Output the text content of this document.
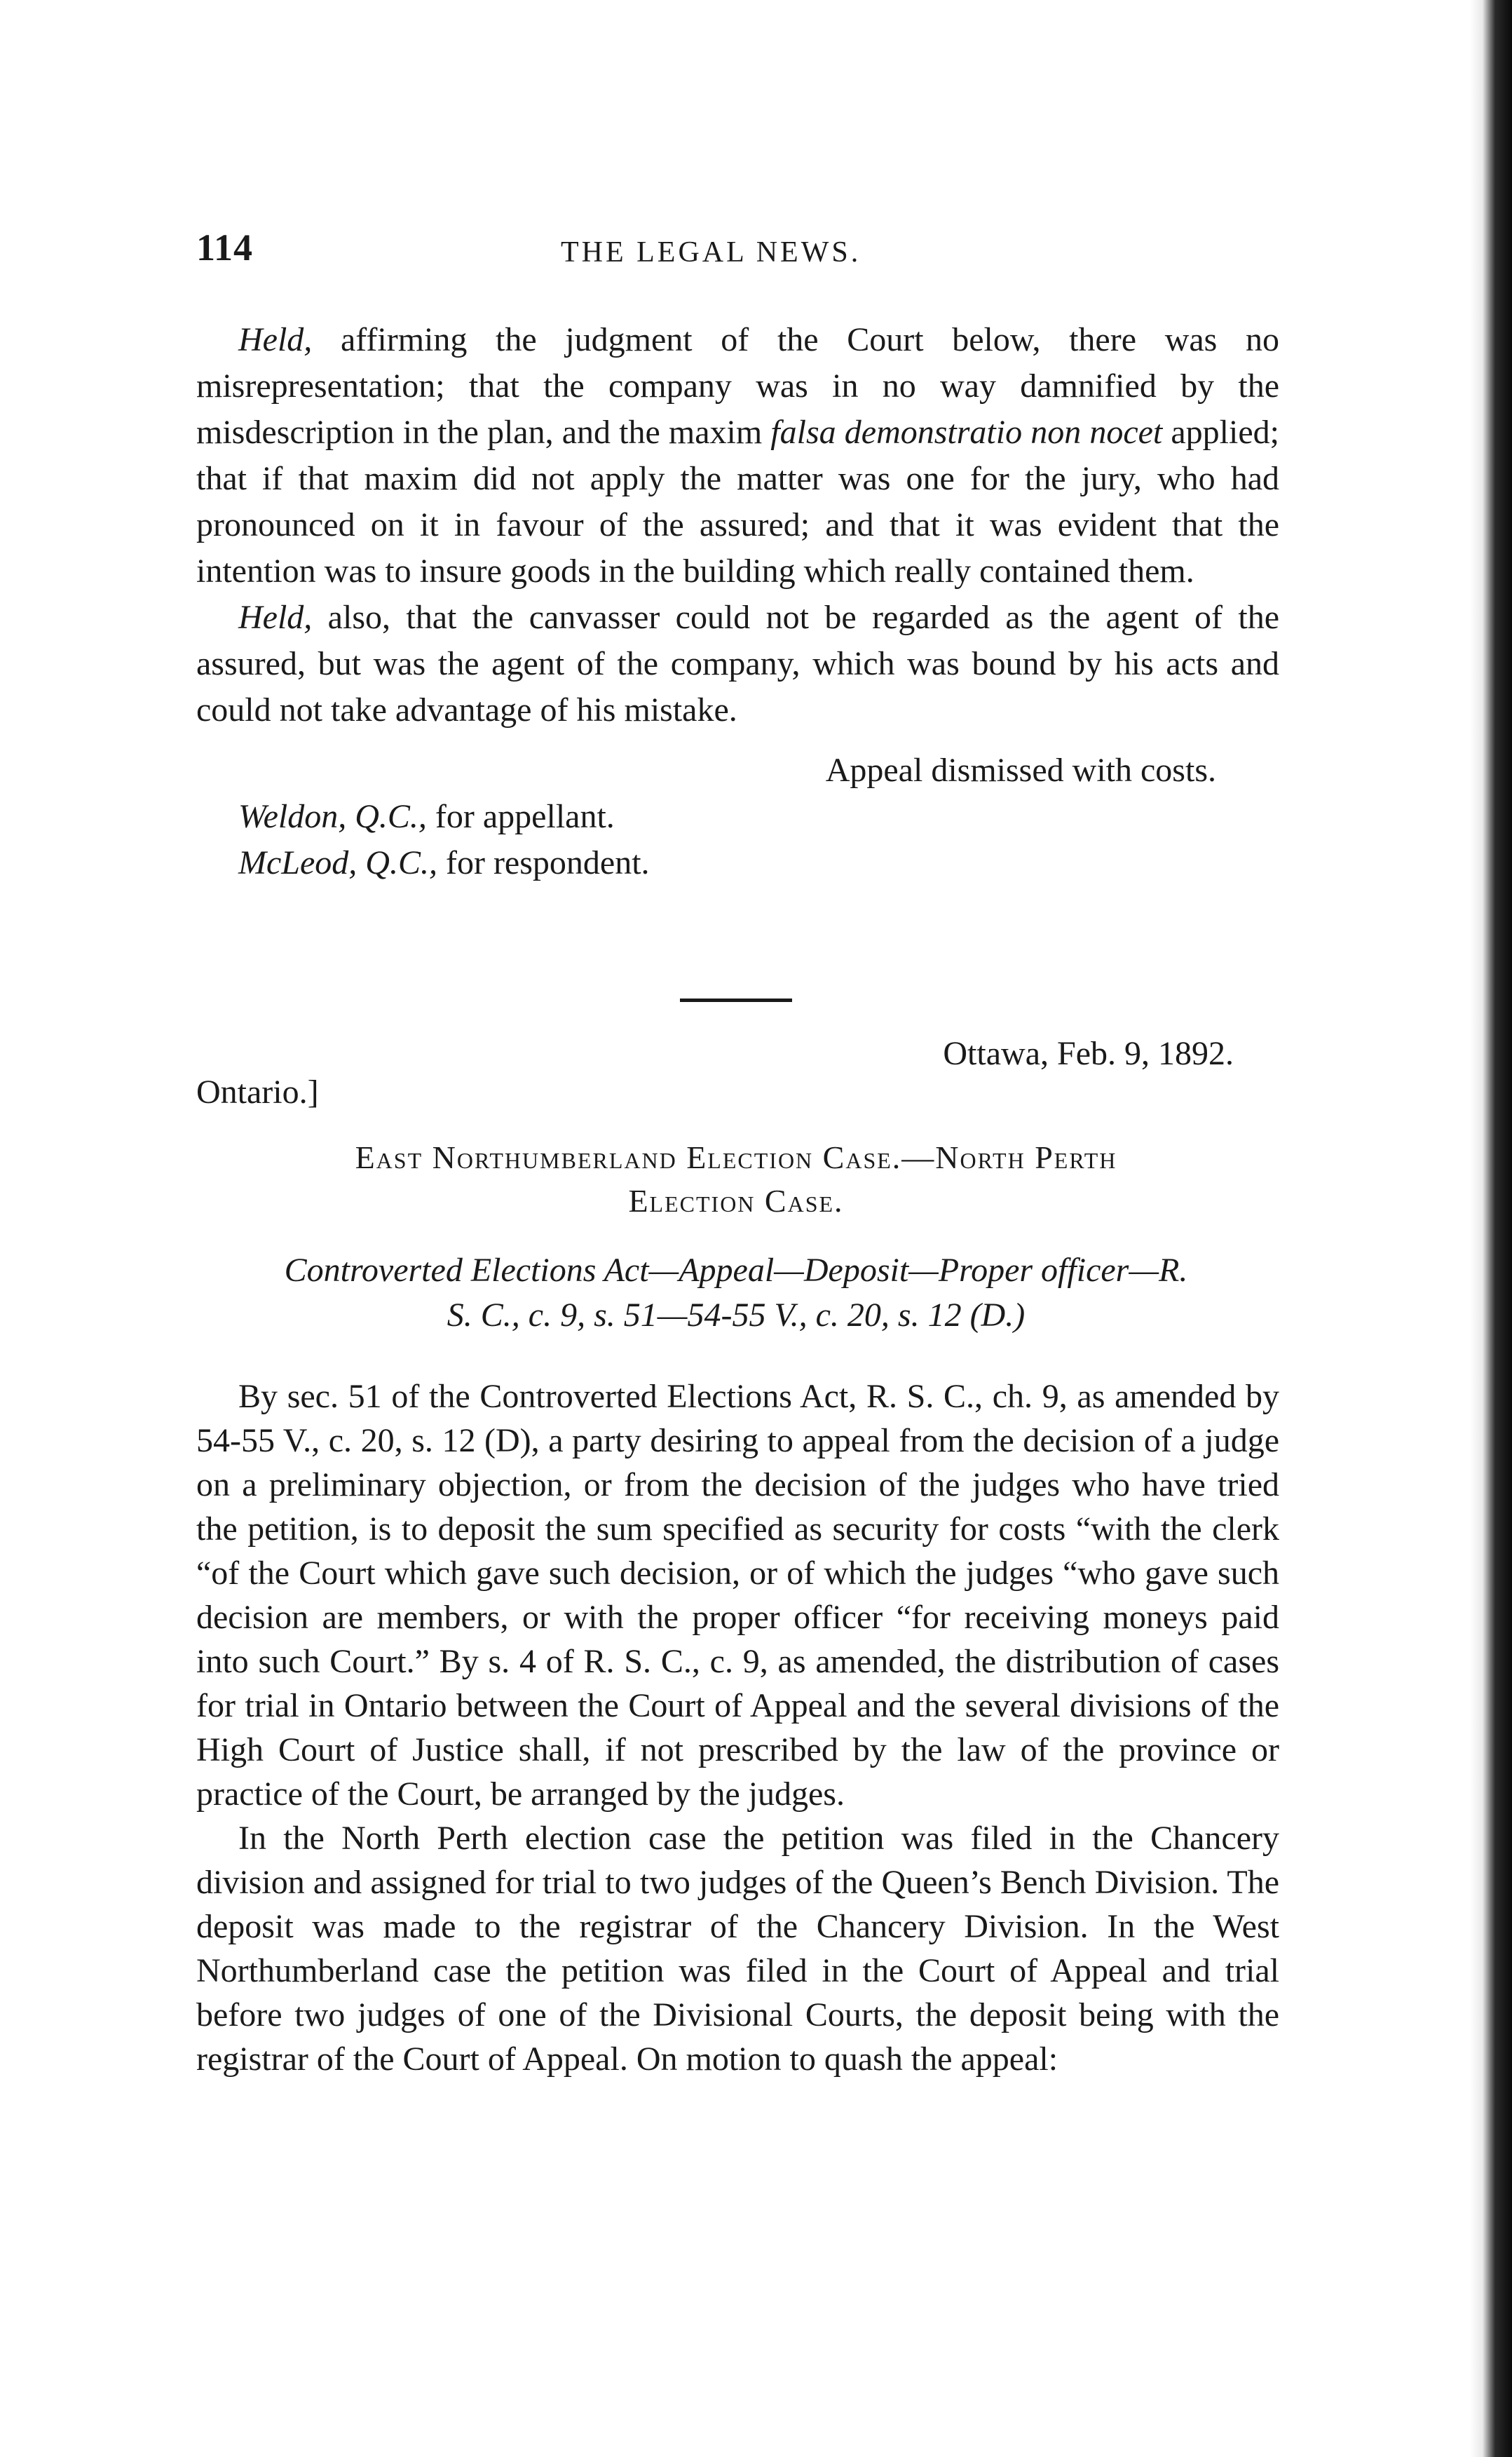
114	THE LEGAL NEWS.

Held, affirming the judgment of the Court below, there was no misrepresentation; that the company was in no way damnified by the misdescription in the plan, and the maxim falsa demonstratio non nocet applied; that if that maxim did not apply the matter was one for the jury, who had pronounced on it in favour of the assured; and that it was evident that the intention was to insure goods in the building which really contained them.

Held, also, that the canvasser could not be regarded as the agent of the assured, but was the agent of the company, which was bound by his acts and could not take advantage of his mistake.

Appeal dismissed with costs.

Weldon, Q.C., for appellant.

McLeod, Q.C., for respondent.

Ottawa, Feb. 9, 1892.
Ontario.]
East Northumberland Election Case.—North Perth
Election Case.
Controverted Elections Act—Appeal—Deposit—Proper officer—R.
S. C., c. 9, s. 51—54-55 V., c. 20, s. 12 (D.)

By sec. 51 of the Controverted Elections Act, R. S. C., ch. 9, as amended by 54-55 V., c. 20, s. 12 (D), a party desiring to appeal from the decision of a judge on a preliminary objection, or from the decision of the judges who have tried the petition, is to deposit the sum specified as security for costs “with the clerk “of the Court which gave such decision, or of which the judges “who gave such decision are members, or with the proper officer “for receiving moneys paid into such Court.” By s. 4 of R. S. C., c. 9, as amended, the distribution of cases for trial in Ontario between the Court of Appeal and the several divisions of the High Court of Justice shall, if not prescribed by the law of the province or practice of the Court, be arranged by the judges.

In the North Perth election case the petition was filed in the Chancery division and assigned for trial to two judges of the Queen’s Bench Division. The deposit was made to the registrar of the Chancery Division. In the West Northumberland case the petition was filed in the Court of Appeal and trial before two judges of one of the Divisional Courts, the deposit being with the registrar of the Court of Appeal. On motion to quash the appeal:
